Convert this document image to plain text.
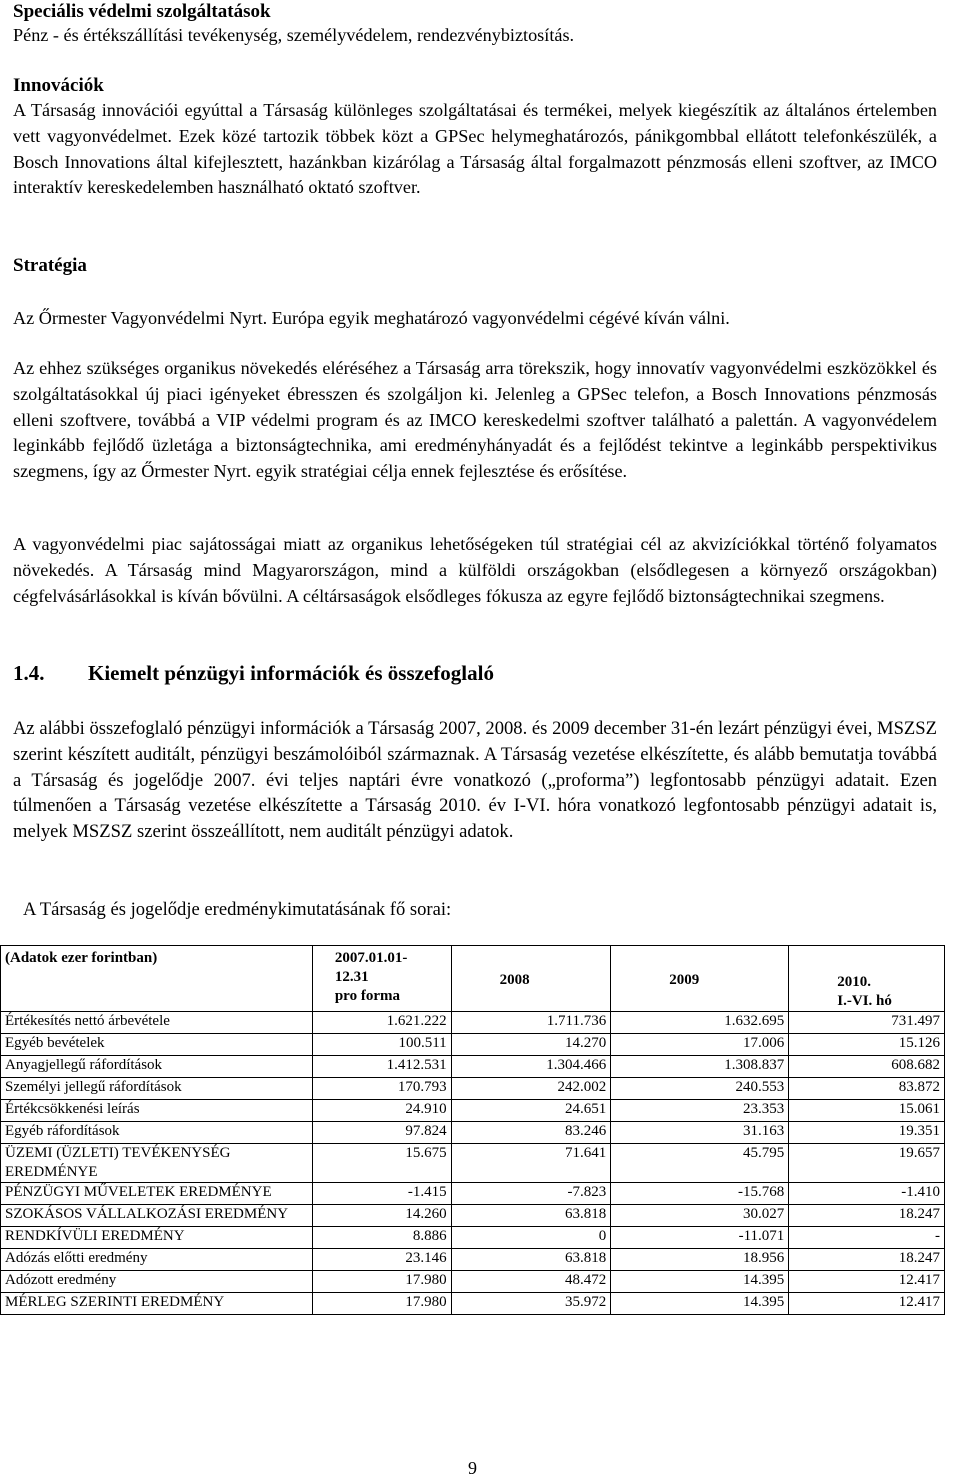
Speciális védelmi szolgáltatások

Pénz - és értékszállítási tevékenység, személyvédelem, rendezvénybiztosítás.

Innovációk

A Társaság innovációi egyúttal a Társaság különleges szolgáltatásai és termékei, melyek kiegészítik az általános értelemben vett vagyonvédelmet. Ezek közé tartozik többek közt a GPSec helymeghatározós, pánikgombbal ellátott telefonkészülék, a Bosch Innovations által kifejlesztett, hazánkban kizárólag a Társaság által forgalmazott pénzmosás elleni szoftver, az IMCO interaktív kereskedelemben használható oktató szoftver.

Stratégia

Az Őrmester Vagyonvédelmi Nyrt. Európa egyik meghatározó vagyonvédelmi cégévé kíván válni.

Az ehhez szükséges organikus növekedés eléréséhez a Társaság arra törekszik, hogy innovatív vagyonvédelmi eszközökkel és szolgáltatásokkal új piaci igényeket ébresszen és szolgáljon ki. Jelenleg a GPSec telefon, a Bosch Innovations pénzmosás elleni szoftvere, továbbá a VIP védelmi program és az IMCO kereskedelmi szoftver található a palettán. A vagyonvédelem leginkább fejlődő üzletága a biztonságtechnika, ami eredményhányadát és a fejlődést tekintve a leginkább perspektivikus szegmens, így az Őrmester Nyrt. egyik stratégiai célja ennek fejlesztése és erősítése.

A vagyonvédelmi piac sajátosságai miatt az organikus lehetőségeken túl stratégiai cél az akvizíciókkal történő folyamatos növekedés. A Társaság mind Magyarországon, mind a külföldi országokban (elsődlegesen a környező országokban) cégfelvásárlásokkal is kíván bővülni. A céltársaságok elsődleges fókusza az egyre fejlődő biztonságtechnikai szegmens.

1.4. Kiemelt pénzügyi információk és összefoglaló

Az alábbi összefoglaló pénzügyi információk a Társaság 2007, 2008. és 2009 december 31-én lezárt pénzügyi évei, MSZSZ szerint készített auditált, pénzügyi beszámolóiból származnak. A Társaság vezetése elkészítette, és alább bemutatja továbbá a Társaság és jogelődje 2007. évi teljes naptári évre vonatkozó („proforma”) legfontosabb pénzügyi adatait. Ezen túlmenően a Társaság vezetése elkészítette a Társaság 2010. év I-VI. hóra vonatkozó legfontosabb pénzügyi adatait is, melyek MSZSZ szerint összeállított, nem auditált pénzügyi adatok.

A Társaság és jogelődje eredménykimutatásának fő sorai:

(Adatok ezer forintban)	2007.01.01-
12.31
pro forma	2008	2009	2010.
I.-VI. hó
Értékesítés nettó árbevétele	1.621.222	1.711.736	1.632.695	731.497
Egyéb bevételek	100.511	14.270	17.006	15.126
Anyagjellegű ráfordítások	1.412.531	1.304.466	1.308.837	608.682
Személyi jellegű ráfordítások	170.793	242.002	240.553	83.872
Értékcsökkenési leírás	24.910	24.651	23.353	15.061
Egyéb ráfordítások	97.824	83.246	31.163	19.351
ÜZEMI (ÜZLETI) TEVÉKENYSÉG EREDMÉNYE	15.675	71.641	45.795	19.657
PÉNZÜGYI MŰVELETEK EREDMÉNYE	-1.415	-7.823	-15.768	-1.410
SZOKÁSOS VÁLLALKOZÁSI EREDMÉNY	14.260	63.818	30.027	18.247
RENDKÍVÜLI EREDMÉNY	8.886	0	-11.071	-
Adózás előtti eredmény	23.146	63.818	18.956	18.247
Adózott eredmény	17.980	48.472	14.395	12.417
MÉRLEG SZERINTI EREDMÉNY	17.980	35.972	14.395	12.417
9
